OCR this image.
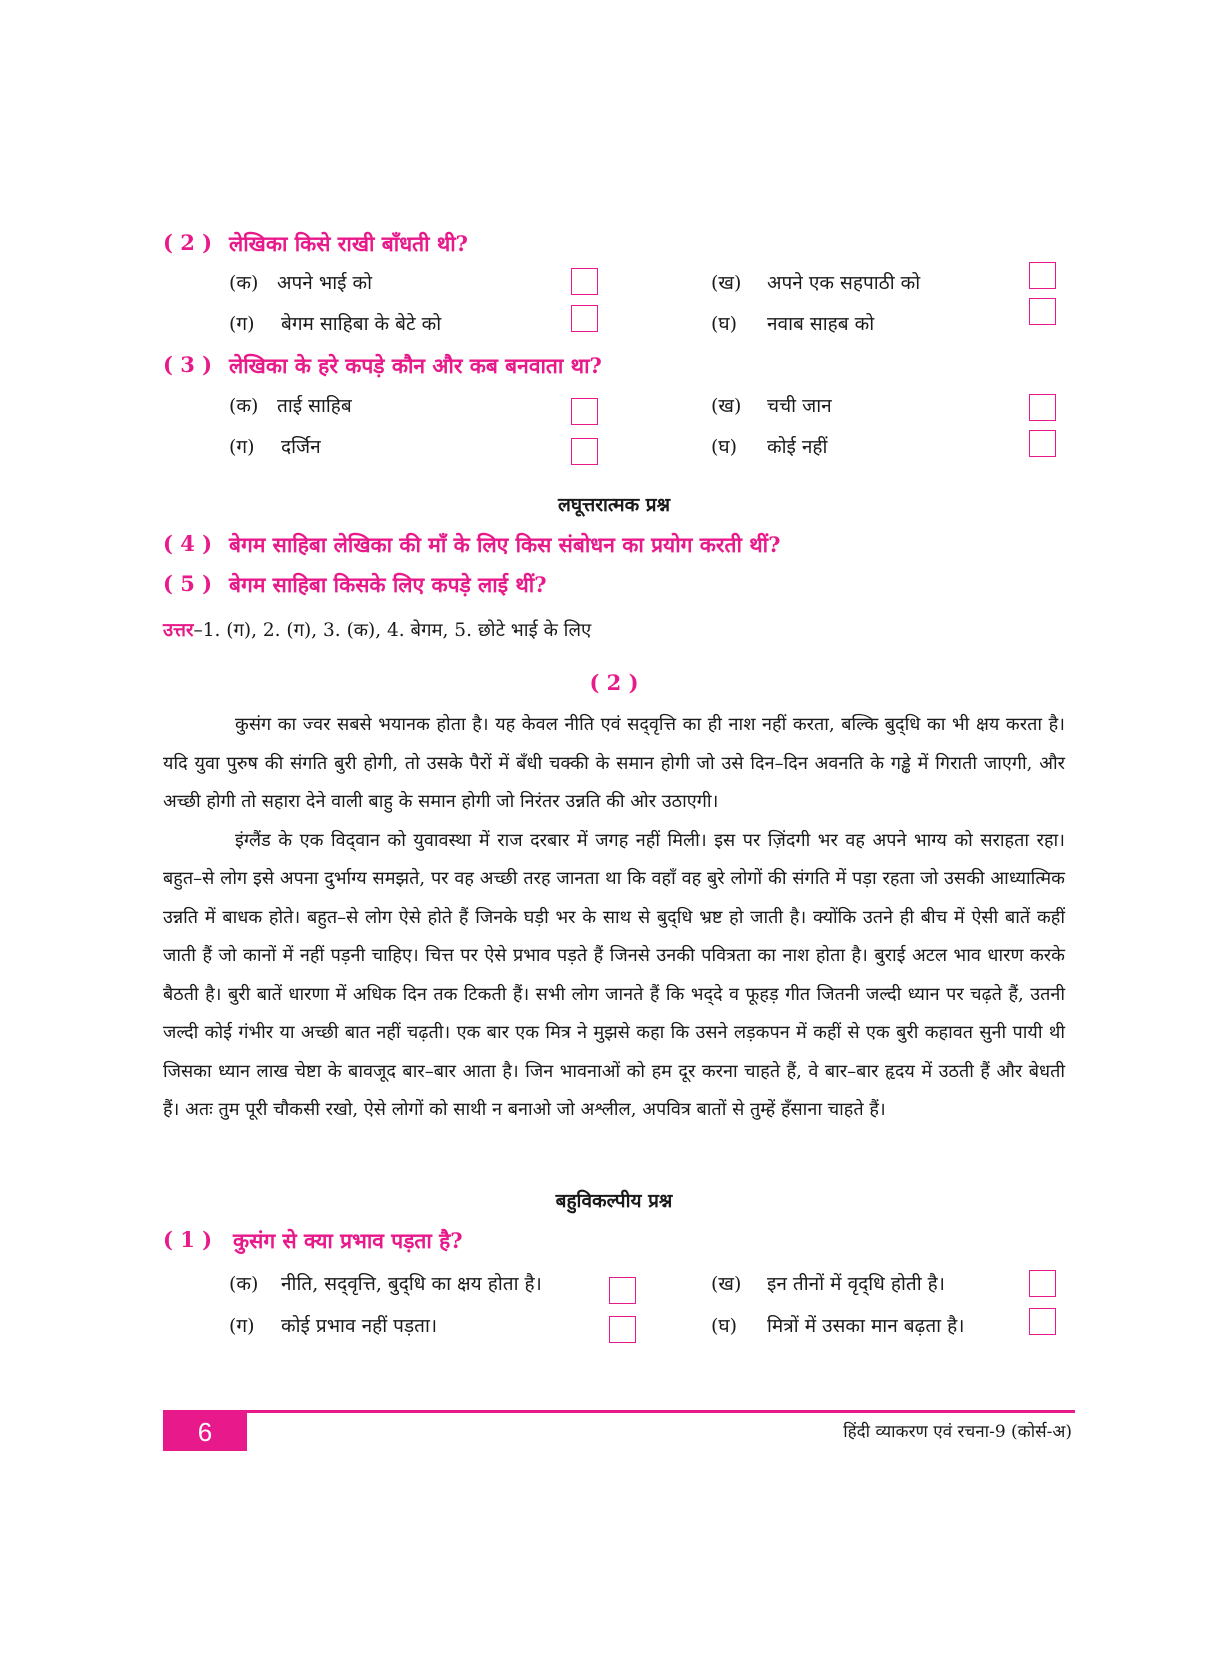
( 2 ) लेखिका किसे राखी बाँधती थी?
(क) अपने भाई को	(ख) अपने एक सहपाठी को
(ग) बेगम साहिबा के बेटे को	(घ) नवाब साहब को
( 3 ) लेखिका के हरे कपड़े कौन और कब बनवाता था?
(क) ताई साहिब	(ख) चची जान
(ग) दर्जिन	(घ) कोई नहीं
लघूत्तरात्मक प्रश्न
( 4 ) बेगम साहिबा लेखिका की माँ के लिए किस संबोधन का प्रयोग करती थीं?
( 5 ) बेगम साहिबा किसके लिए कपड़े लाई थीं?
उत्तर–1. (ग), 2. (ग), 3. (क), 4. बेगम, 5. छोटे भाई के लिए
( 2 )

कुसंग का ज्वर सबसे भयानक होता है। यह केवल नीति एवं सद्‌वृत्ति का ही नाश नहीं करता, बल्कि बुद्‌धि का भी क्षय करता है। यदि युवा पुरुष की संगति बुरी होगी, तो उसके पैरों में बँधी चक्की के समान होगी जो उसे दिन–दिन अवनति के गड्ढे में गिराती जाएगी, और अच्छी होगी तो सहारा देने वाली बाहु के समान होगी जो निरंतर उन्नति की ओर उठाएगी।

इंग्लैंड के एक विद्‌वान को युवावस्था में राज दरबार में जगह नहीं मिली। इस पर ज़िंदगी भर वह अपने भाग्य को सराहता रहा। बहुत–से लोग इसे अपना दुर्भाग्य समझते, पर वह अच्छी तरह जानता था कि वहाँ वह बुरे लोगों की संगति में पड़ा रहता जो उसकी आध्यात्मिक उन्नति में बाधक होते। बहुत–से लोग ऐसे होते हैं जिनके घड़ी भर के साथ से बुद्‌धि भ्रष्ट हो जाती है। क्योंकि उतने ही बीच में ऐसी बातें कहीं जाती हैं जो कानों में नहीं पड़नी चाहिए। चित्त पर ऐसे प्रभाव पड़ते हैं जिनसे उनकी पवित्रता का नाश होता है। बुराई अटल भाव धारण करके बैठती है। बुरी बातें धारणा में अधिक दिन तक टिकती हैं। सभी लोग जानते हैं कि भद्‌दे व फूहड़ गीत जितनी जल्दी ध्यान पर चढ़ते हैं, उतनी जल्दी कोई गंभीर या अच्छी बात नहीं चढ़ती। एक बार एक मित्र ने मुझसे कहा कि उसने लड़कपन में कहीं से एक बुरी कहावत सुनी पायी थी जिसका ध्यान लाख चेष्टा के बावजूद बार–बार आता है। जिन भावनाओं को हम दूर करना चाहते हैं, वे बार–बार हृदय में उठती हैं और बेधती हैं। अतः तुम पूरी चौकसी रखो, ऐसे लोगों को साथी न बनाओ जो अश्लील, अपवित्र बातों से तुम्हें हँसाना चाहते हैं।

बहुविकल्पीय प्रश्न
( 1 ) कुसंग से क्या प्रभाव पड़ता है?
(क) नीति, सद्‌वृत्ति, बुद्‌धि का क्षय होता है।	(ख) इन तीनों में वृद्‌धि होती है।
(ग) कोई प्रभाव नहीं पड़ता।	(घ) मित्रों में उसका मान बढ़ता है।
6	हिंदी व्याकरण एवं रचना-9 (कोर्स-अ)
